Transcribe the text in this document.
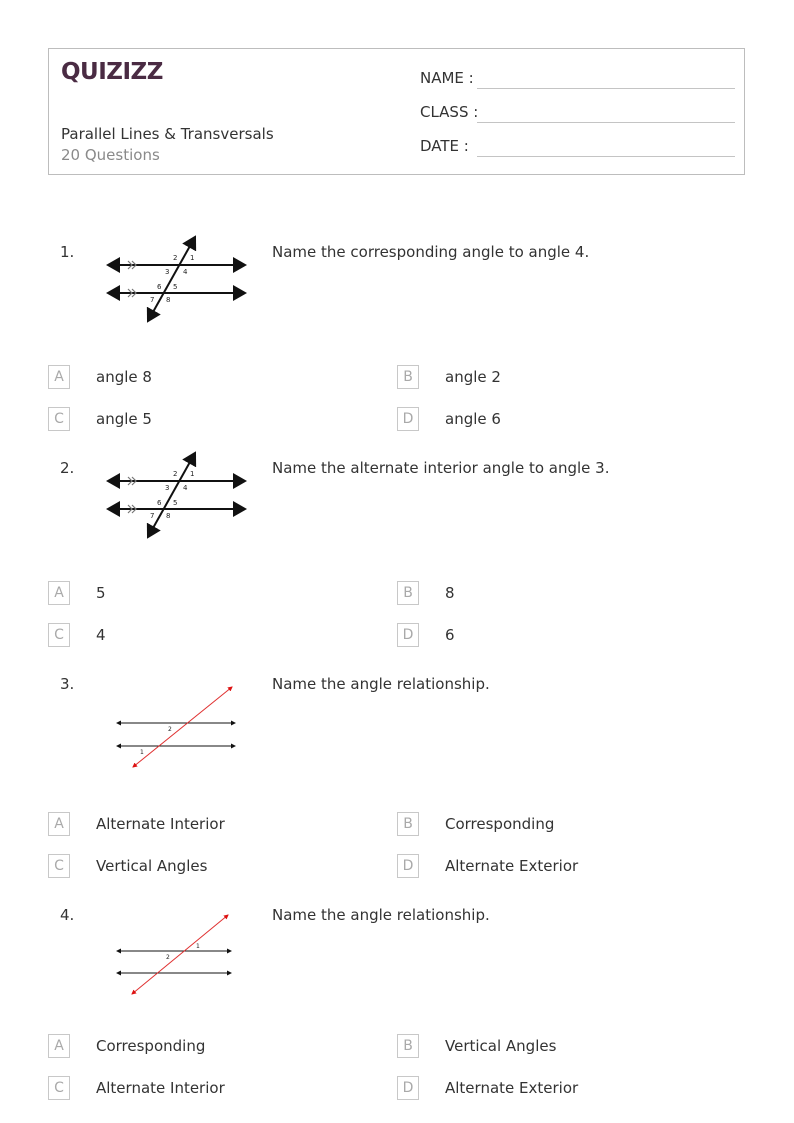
QUIZIZZ
Parallel Lines & Transversals
20 Questions
NAME :
CLASS :
DATE :
1.	2 1
3 4
6 5
7 8
Name the corresponding angle to angle 4.
A	angle 8	B	angle 2
C	angle 5	D	angle 6
2.	2 1
3 4
6 5
7 8
Name the alternate interior angle to angle 3.
A	5	B	8
C	4	D	6
3.
2
1
Name the angle relationship.
A	Alternate Interior	B	Corresponding
C	Vertical Angles	D	Alternate Exterior
4.
1
2
Name the angle relationship.
A	Corresponding	B	Vertical Angles
C	Alternate Interior	D	Alternate Exterior
